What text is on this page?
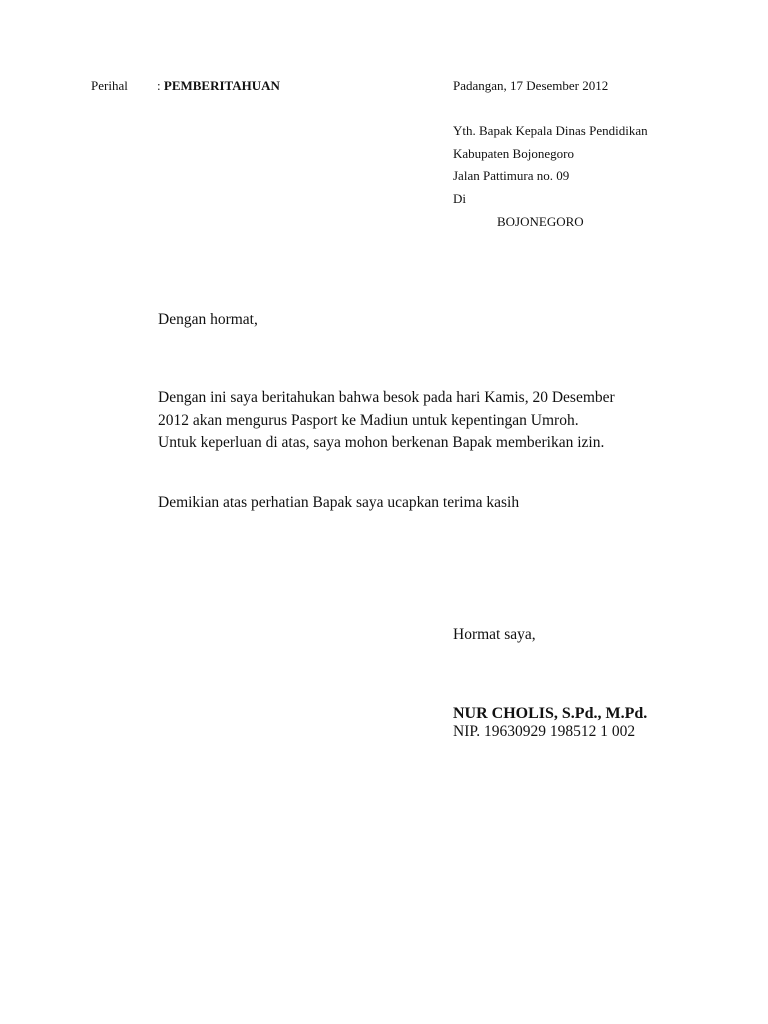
Perihal : PEMBERITAHUAN	Padangan, 17 Desember 2012
Yth. Bapak Kepala Dinas Pendidikan
Kabupaten Bojonegoro
Jalan Pattimura no. 09
Di
BOJONEGORO
Dengan hormat,
Dengan ini saya beritahukan bahwa besok pada hari Kamis, 20 Desember
2012 akan mengurus Pasport ke Madiun untuk kepentingan Umroh.
Untuk keperluan di atas, saya mohon berkenan Bapak memberikan izin.
Demikian atas perhatian Bapak saya ucapkan terima kasih
Hormat saya,
NUR CHOLIS, S.Pd., M.Pd.
NIP. 19630929 198512 1 002
